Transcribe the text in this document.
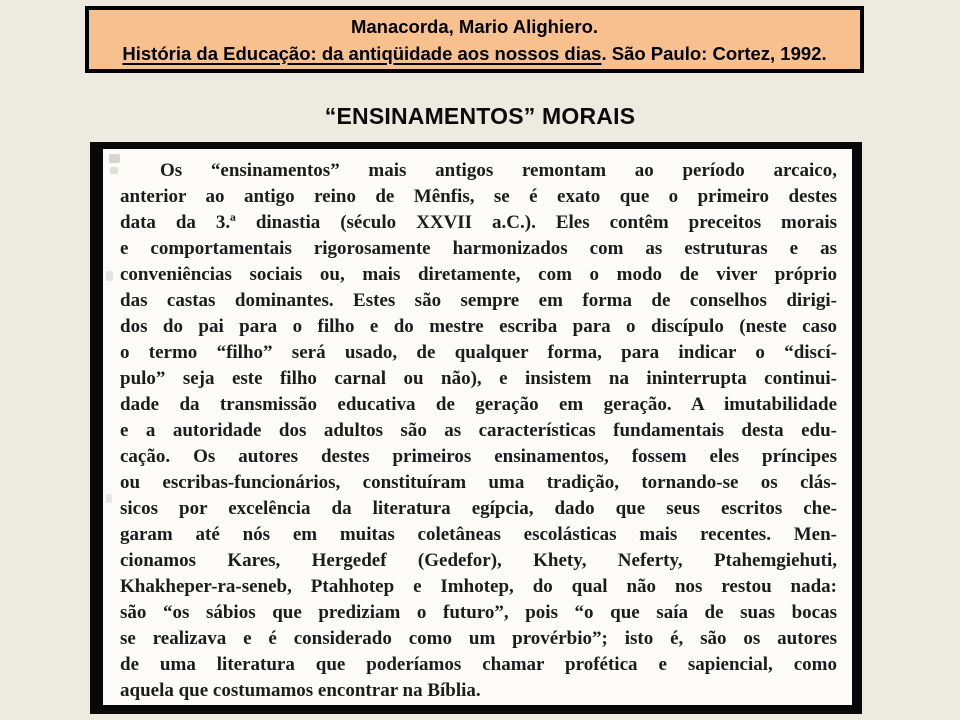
Manacorda, Mario Alighiero.
História da Educação: da antiqüidade aos nossos dias. São Paulo: Cortez, 1992.
“ENSINAMENTOS” MORAIS
Os “ensinamentos” mais antigos remontam ao período arcaico,
anterior ao antigo reino de Mênfis, se é exato que o primeiro destes
data da 3.ª dinastia (século XXVII a.C.). Eles contêm preceitos morais
e comportamentais rigorosamente harmonizados com as estruturas e as
conveniências sociais ou, mais diretamente, com o modo de viver próprio
das castas dominantes. Estes são sempre em forma de conselhos dirigi-
dos do pai para o filho e do mestre escriba para o discípulo (neste caso
o termo “filho” será usado, de qualquer forma, para indicar o “discí-
pulo” seja este filho carnal ou não), e insistem na ininterrupta continui-
dade da transmissão educativa de geração em geração. A imutabilidade
e a autoridade dos adultos são as características fundamentais desta edu-
cação. Os autores destes primeiros ensinamentos, fossem eles príncipes
ou escribas-funcionários, constituíram uma tradição, tornando-se os clás-
sicos por excelência da literatura egípcia, dado que seus escritos che-
garam até nós em muitas coletâneas escolásticas mais recentes. Men-
cionamos Kares, Hergedef (Gedefor), Khety, Neferty, Ptahemgiehuti,
Khakheper-ra-seneb, Ptahhotep e Imhotep, do qual não nos restou nada:
são “os sábios que prediziam o futuro”, pois “o que saía de suas bocas
se realizava e é considerado como um provérbio”; isto é, são os autores
de uma literatura que poderíamos chamar profética e sapiencial, como
aquela que costumamos encontrar na Bíblia.
